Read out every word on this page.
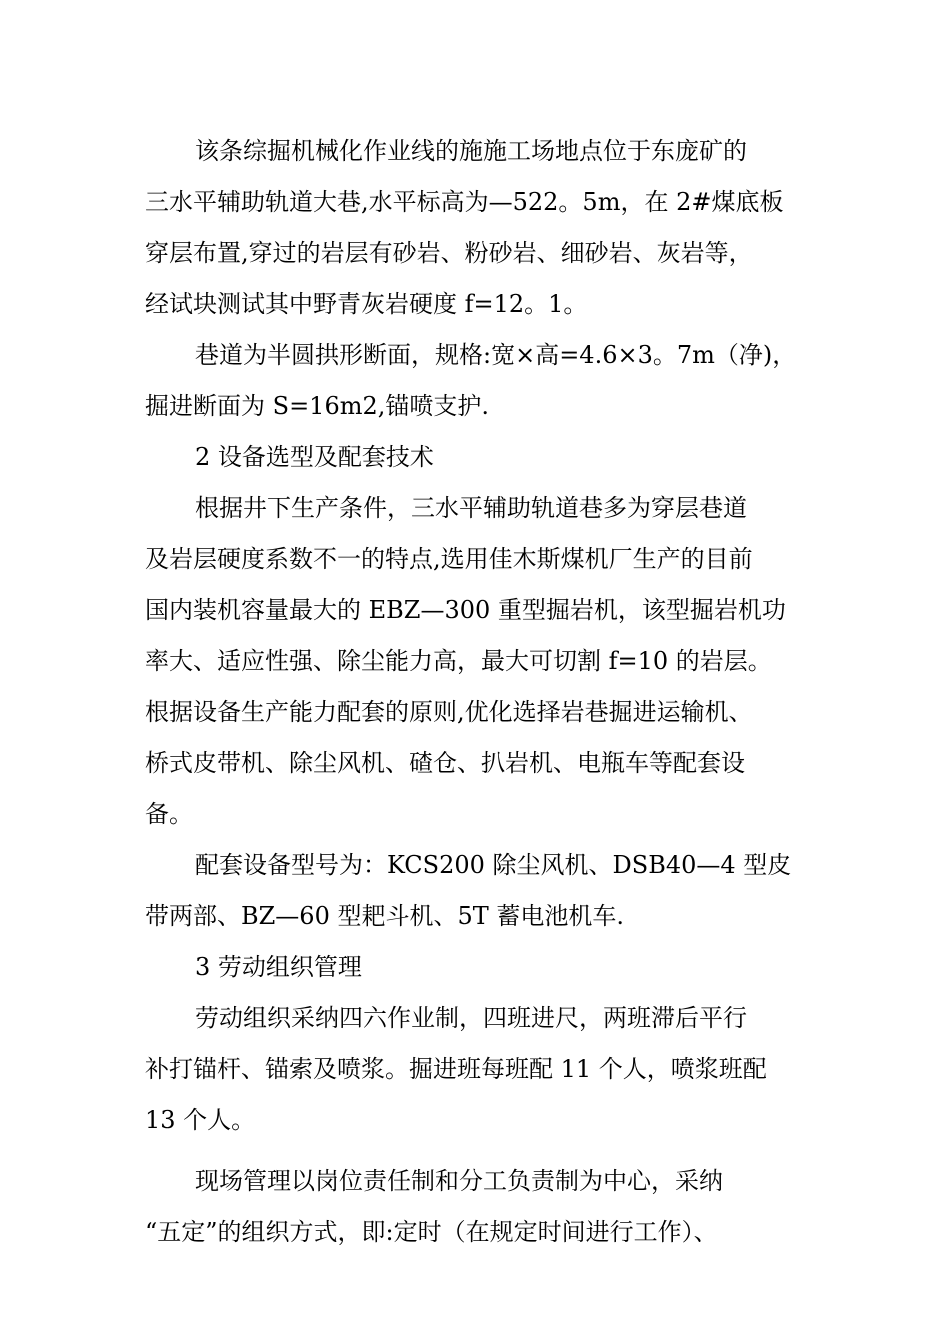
该条综掘机械化作业线的施施工场地点位于东庞矿的
三水平辅助轨道大巷,水平标高为—522。5m，在 2#煤底板
穿层布置,穿过的岩层有砂岩、粉砂岩、细砂岩、灰岩等，
经试块测试其中野青灰岩硬度 f=12。1。

巷道为半圆拱形断面，规格:宽×高=4.6×3。7m（净)，
掘进断面为 S=16m2,锚喷支护.

2 设备选型及配套技术

根据井下生产条件，三水平辅助轨道巷多为穿层巷道
及岩层硬度系数不一的特点,选用佳木斯煤机厂生产的目前
国内装机容量最大的 EBZ—300 重型掘岩机，该型掘岩机功
率大、适应性强、除尘能力高，最大可切割 f=10 的岩层。
根据设备生产能力配套的原则,优化选择岩巷掘进运输机、
桥式皮带机、除尘风机、碴仓、扒岩机、电瓶车等配套设
备。

配套设备型号为：KCS200 除尘风机、DSB40—4 型皮
带两部、BZ—60 型耙斗机、5T 蓄电池机车.

3 劳动组织管理

劳动组织采纳四六作业制，四班进尺，两班滞后平行
补打锚杆、锚索及喷浆。掘进班每班配 11 个人，喷浆班配
13 个人。

现场管理以岗位责任制和分工负责制为中心，采纳
“五定”的组织方式，即:定时（在规定时间进行工作）、
